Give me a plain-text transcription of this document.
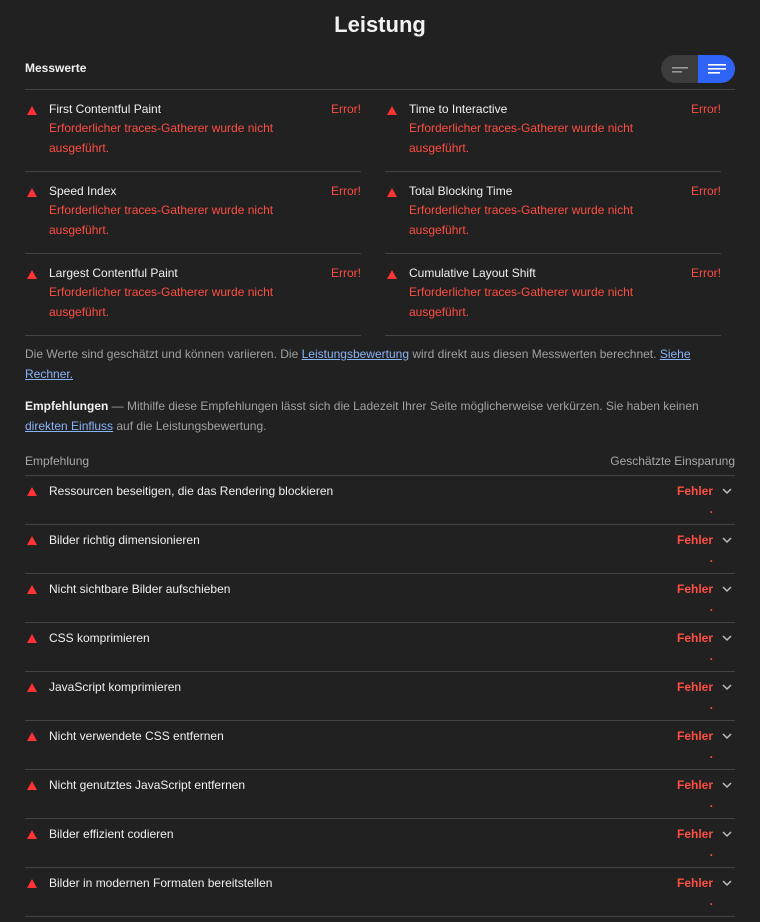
Leistung
Messwerte
First Contentful Paint	Error!
Erforderlicher traces-Gatherer wurde nicht ausgeführt.
Speed Index	Error!
Erforderlicher traces-Gatherer wurde nicht ausgeführt.
Largest Contentful Paint	Error!
Erforderlicher traces-Gatherer wurde nicht ausgeführt.
Time to Interactive	Error!
Erforderlicher traces-Gatherer wurde nicht ausgeführt.
Total Blocking Time	Error!
Erforderlicher traces-Gatherer wurde nicht ausgeführt.
Cumulative Layout Shift	Error!
Erforderlicher traces-Gatherer wurde nicht ausgeführt.

Die Werte sind geschätzt und können variieren. Die Leistungsbewertung wird direkt aus diesen Messwerten berechnet. Siehe Rechner.

Empfehlungen — Mithilfe diese Empfehlungen lässt sich die Ladezeit Ihrer Seite möglicherweise verkürzen. Sie haben keinen direkten Einfluss auf die Leistungsbewertung.

Empfehlung	Geschätzte Einsparung
Ressourcen beseitigen, die das Rendering blockieren	Fehler
.
Bilder richtig dimensionieren	Fehler
.
Nicht sichtbare Bilder aufschieben	Fehler
.
CSS komprimieren	Fehler
.
JavaScript komprimieren	Fehler
.
Nicht verwendete CSS entfernen	Fehler
.
Nicht genutztes JavaScript entfernen	Fehler
.
Bilder effizient codieren	Fehler
.
Bilder in modernen Formaten bereitstellen	Fehler
.
